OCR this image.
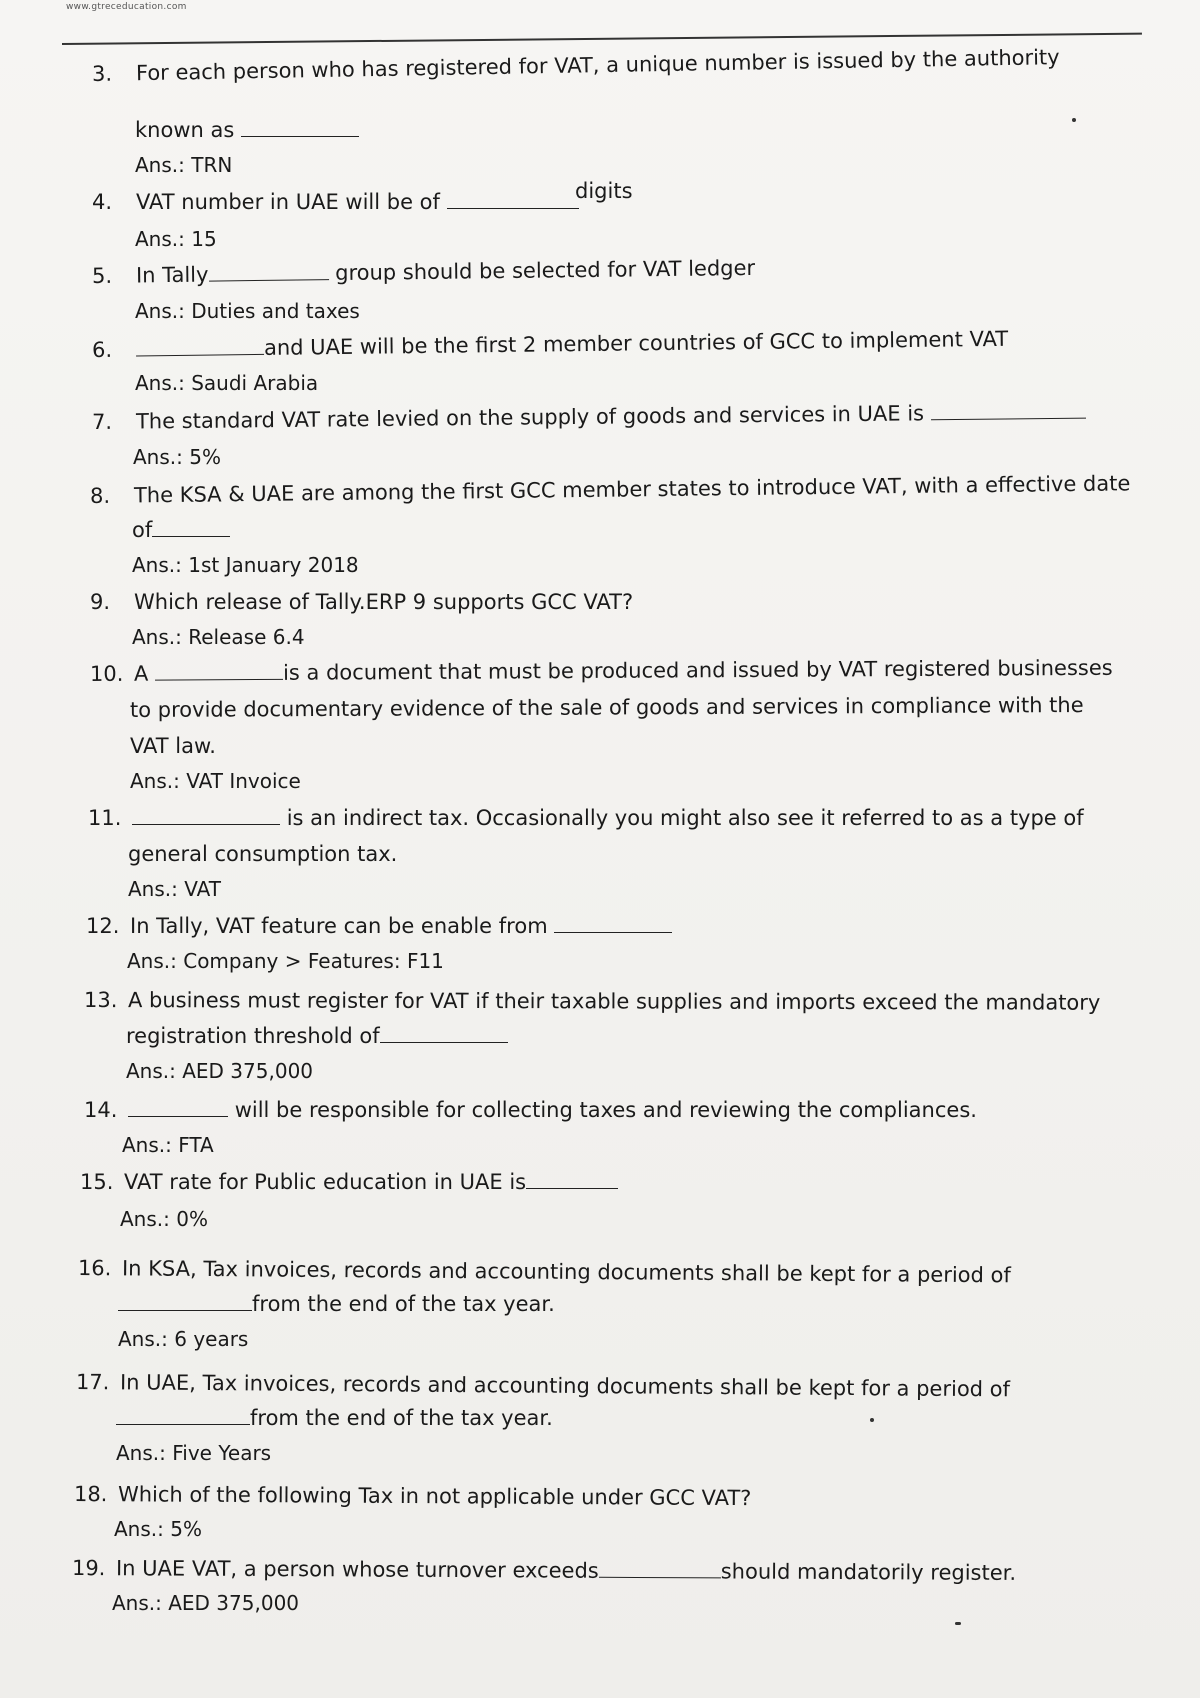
www.gtreceducation.com
3. For each person who has registered for VAT, a unique number is issued by the authority
known as
Ans.: TRN
4. VAT number in UAE will be of	digits
Ans.: 15
5. In Tally	group should be selected for VAT ledger
Ans.: Duties and taxes
6.	and UAE will be the first 2 member countries of GCC to implement VAT
Ans.: Saudi Arabia
7. The standard VAT rate levied on the supply of goods and services in UAE is
Ans.: 5%
8. The KSA & UAE are among the first GCC member states to introduce VAT, with a effective date
of
Ans.: 1st January 2018
9. Which release of Tally.ERP 9 supports GCC VAT?
Ans.: Release 6.4
10. A	is a document that must be produced and issued by VAT registered businesses
to provide documentary evidence of the sale of goods and services in compliance with the
VAT law.
Ans.: VAT Invoice
11.	is an indirect tax. Occasionally you might also see it referred to as a type of
general consumption tax.
Ans.: VAT
12. In Tally, VAT feature can be enable from
Ans.: Company > Features: F11
13. A business must register for VAT if their taxable supplies and imports exceed the mandatory
registration threshold of
Ans.: AED 375,000
14.	will be responsible for collecting taxes and reviewing the compliances.
Ans.: FTA
15. VAT rate for Public education in UAE is
Ans.: 0%
16. In KSA, Tax invoices, records and accounting documents shall be kept for a period of
from the end of the tax year.
Ans.: 6 years
17. In UAE, Tax invoices, records and accounting documents shall be kept for a period of
from the end of the tax year.
Ans.: Five Years
18. Which of the following Tax in not applicable under GCC VAT?
Ans.: 5%
19. In UAE VAT, a person whose turnover exceeds	should mandatorily register.
Ans.: AED 375,000
